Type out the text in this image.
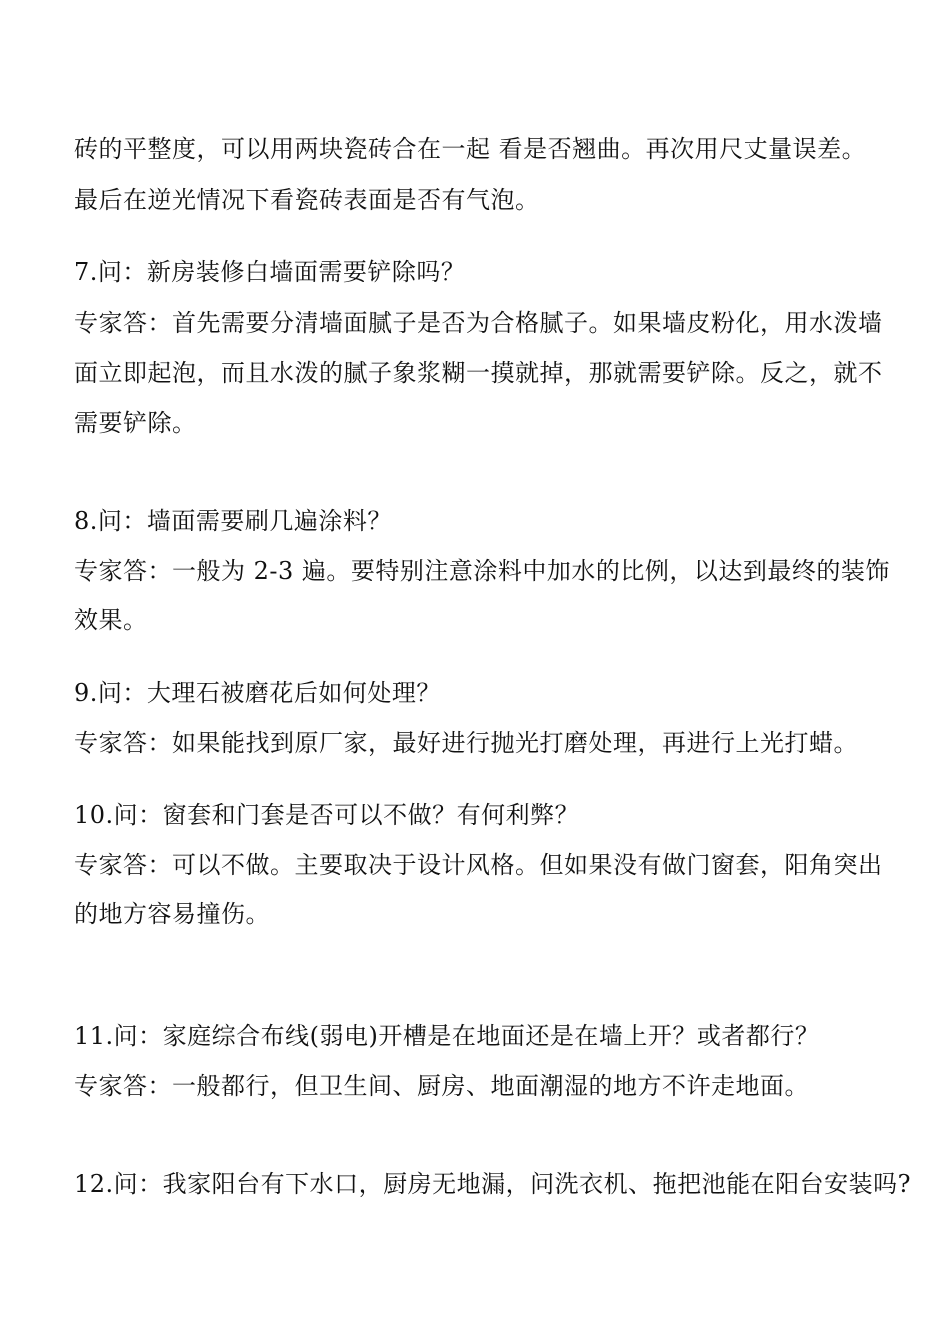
砖的平整度，可以用两块瓷砖合在一起 看是否翘曲。再次用尺丈量误差。
最后在逆光情况下看瓷砖表面是否有气泡。
7.问：新房装修白墙面需要铲除吗？
专家答：首先需要分清墙面腻子是否为合格腻子。如果墙皮粉化，用水泼墙
面立即起泡，而且水泼的腻子象浆糊一摸就掉，那就需要铲除。反之，就不
需要铲除。
8.问：墙面需要刷几遍涂料？
专家答：一般为 2-3 遍。要特别注意涂料中加水的比例，以达到最终的装饰
效果。
9.问：大理石被磨花后如何处理？
专家答：如果能找到原厂家，最好进行抛光打磨处理，再进行上光打蜡。
10.问：窗套和门套是否可以不做？有何利弊？
专家答：可以不做。主要取决于设计风格。但如果没有做门窗套，阳角突出
的地方容易撞伤。
11.问：家庭综合布线(弱电)开槽是在地面还是在墙上开？或者都行？
专家答：一般都行，但卫生间、厨房、地面潮湿的地方不许走地面。
12.问：我家阳台有下水口，厨房无地漏，问洗衣机、拖把池能在阳台安装吗?
